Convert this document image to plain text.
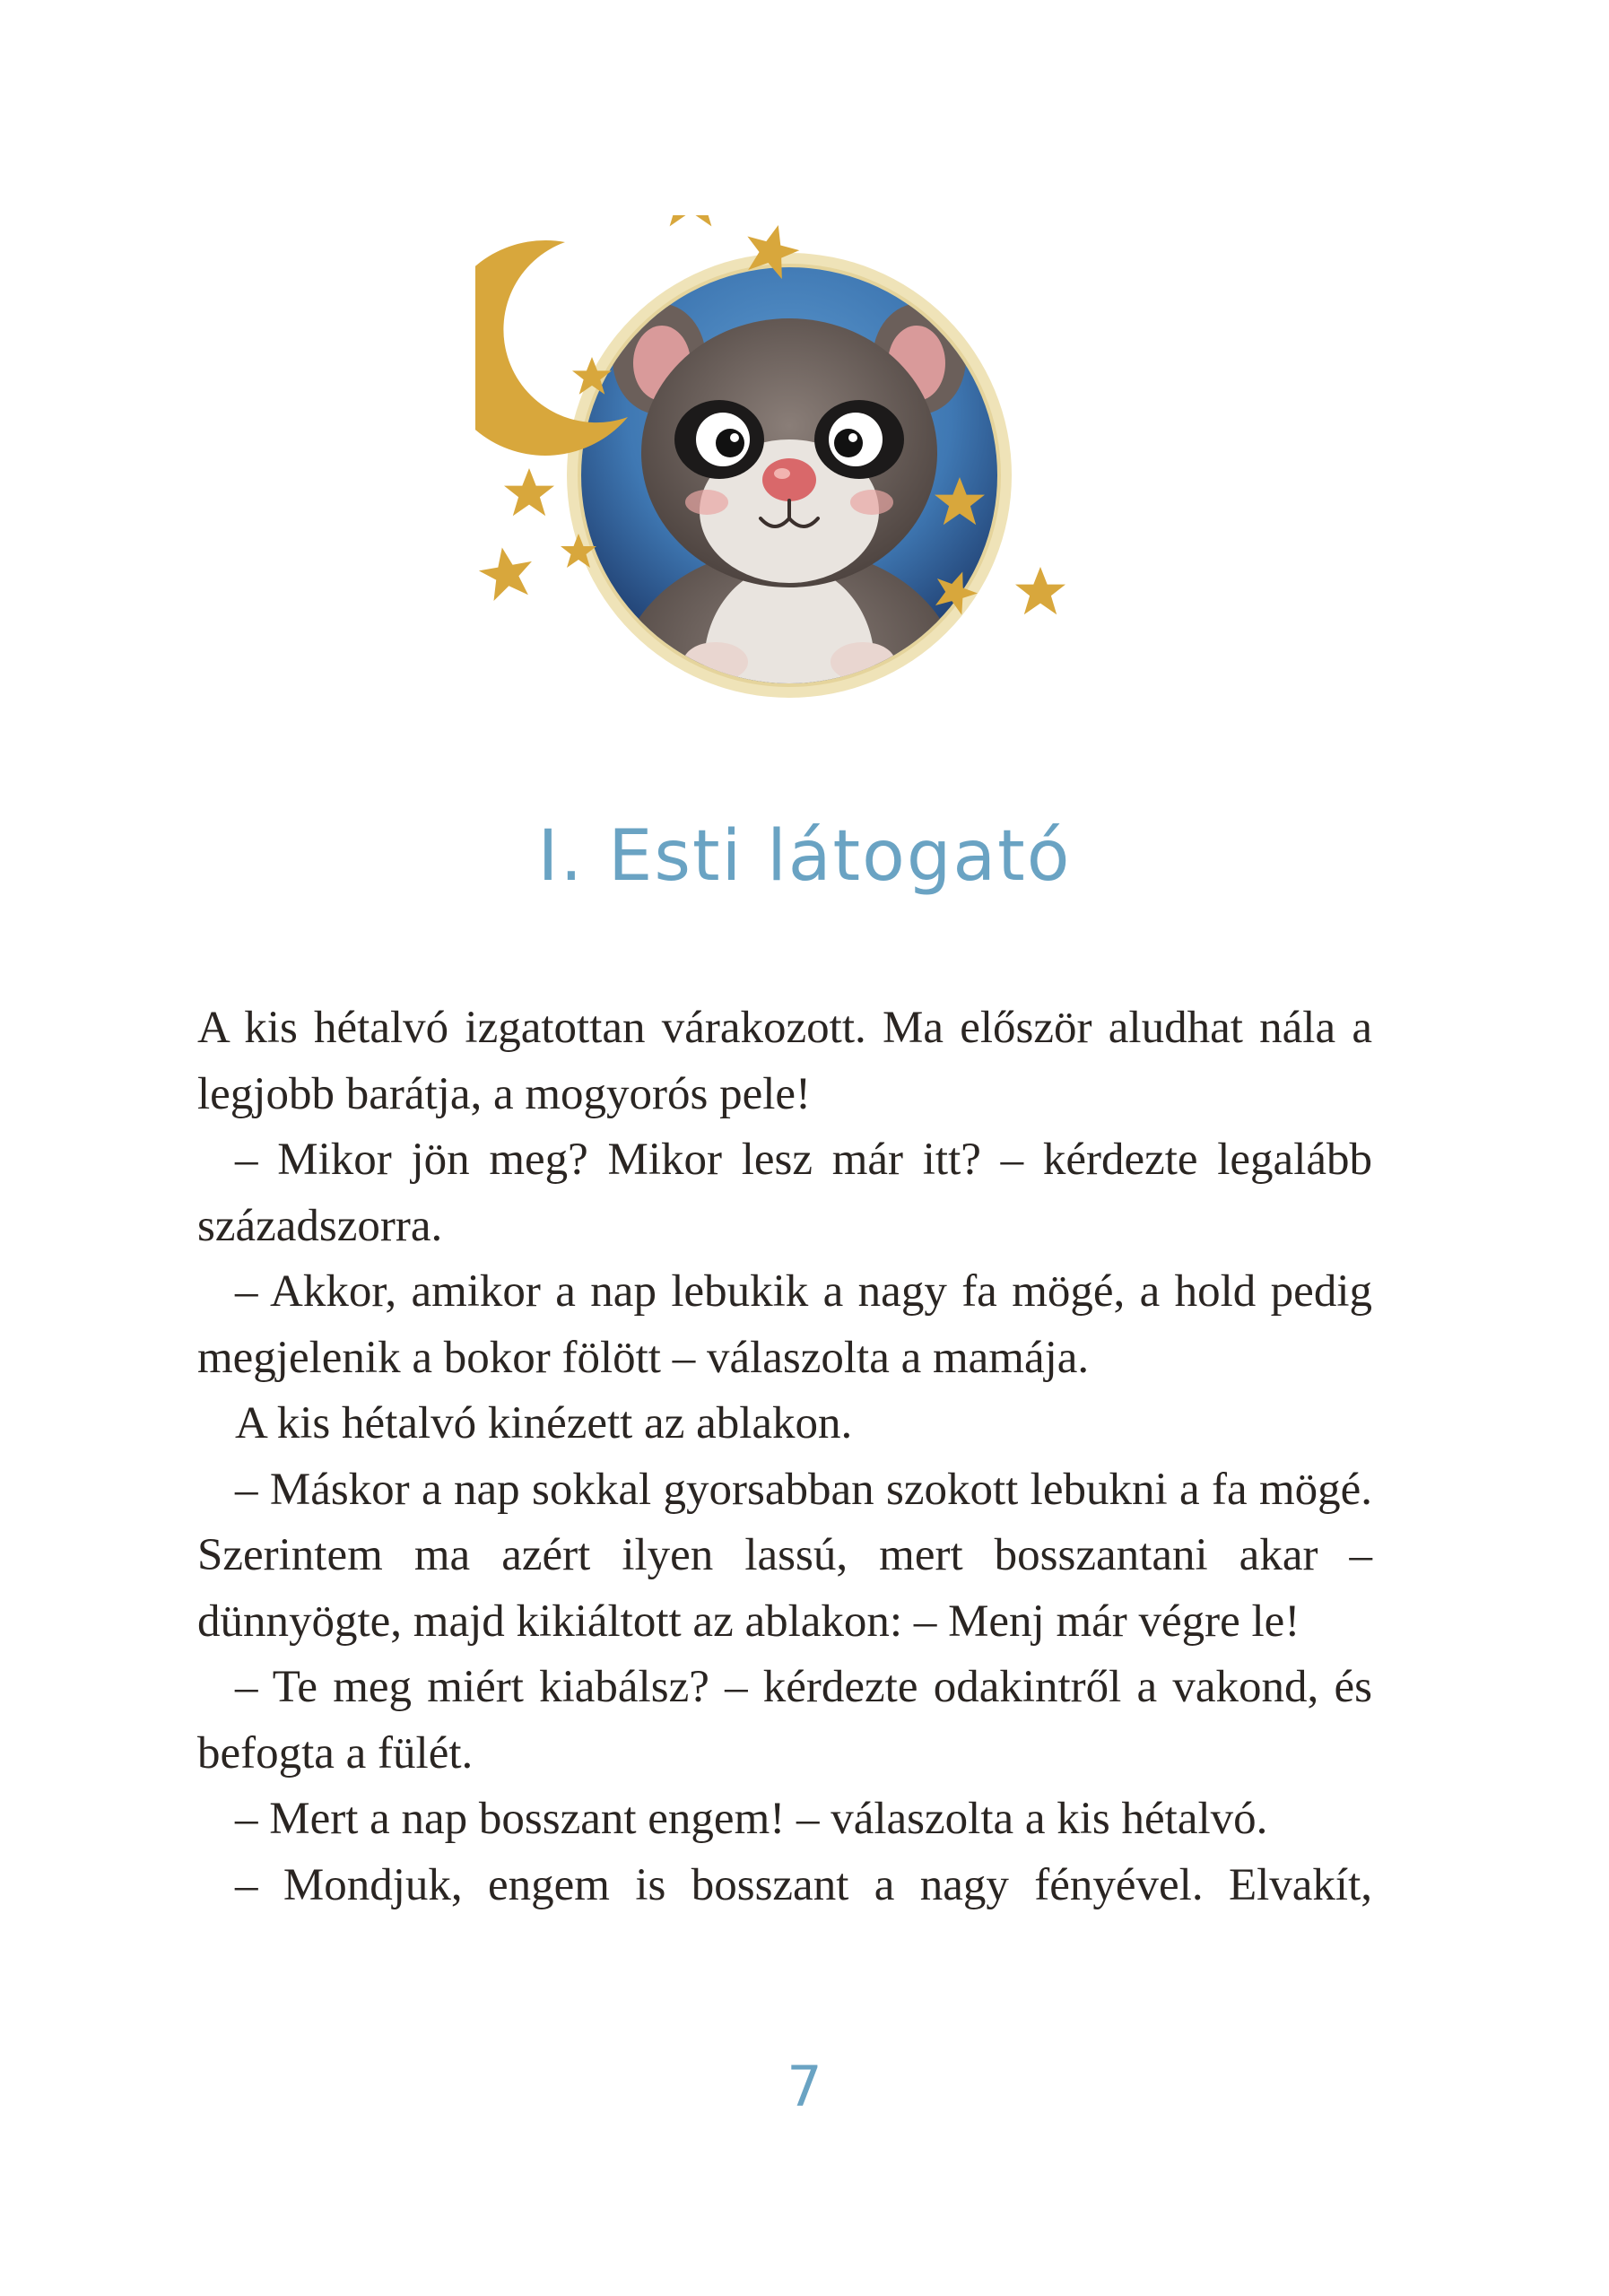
I. Esti látogató

A kis hétalvó izgatottan várakozott. Ma először aludhat nála a legjobb barátja, a mogyorós pele!

– Mikor jön meg? Mikor lesz már itt? – kérdezte legalább századszorra.

– Akkor, amikor a nap lebukik a nagy fa mögé, a hold pedig megjelenik a bokor fölött – válaszolta a mamája.

A kis hétalvó kinézett az ablakon.

– Máskor a nap sokkal gyorsabban szokott lebukni a fa mögé. Szerintem ma azért ilyen lassú, mert bosszantani akar – dünnyögte, majd kikiáltott az ablakon: – Menj már végre le!

– Te meg miért kiabálsz? – kérdezte odakintről a vakond, és befogta a fülét.

– Mert a nap bosszant engem! – válaszolta a kis hétalvó.

– Mondjuk, engem is bosszant a nagy fényével. Elvakít,

7
